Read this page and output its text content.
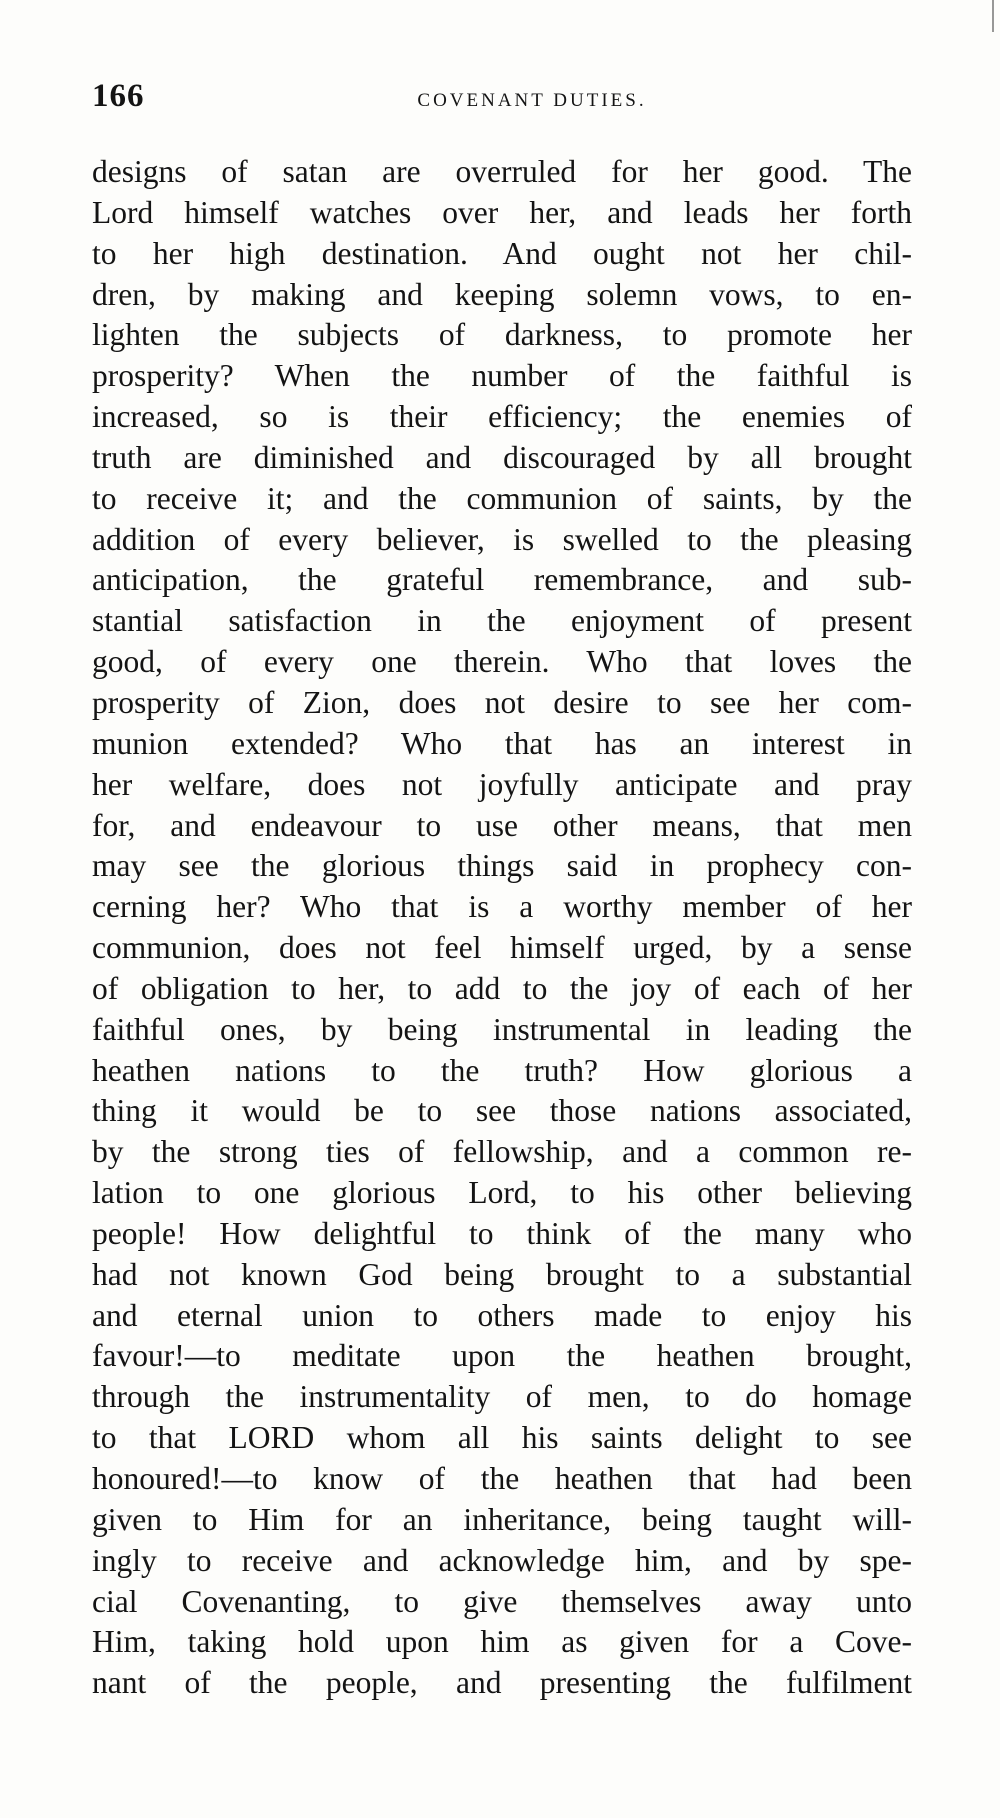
166	COVENANT DUTIES.
designs of satan are overruled for her good. The
Lord himself watches over her, and leads her forth
to her high destination. And ought not her chil-
dren, by making and keeping solemn vows, to en-
lighten the subjects of darkness, to promote her
prosperity? When the number of the faithful is
increased, so is their efficiency; the enemies of
truth are diminished and discouraged by all brought
to receive it; and the communion of saints, by the
addition of every believer, is swelled to the pleasing
anticipation, the grateful remembrance, and sub-
stantial satisfaction in the enjoyment of present
good, of every one therein. Who that loves the
prosperity of Zion, does not desire to see her com-
munion extended? Who that has an interest in
her welfare, does not joyfully anticipate and pray
for, and endeavour to use other means, that men
may see the glorious things said in prophecy con-
cerning her? Who that is a worthy member of her
communion, does not feel himself urged, by a sense
of obligation to her, to add to the joy of each of her
faithful ones, by being instrumental in leading the
heathen nations to the truth? How glorious a
thing it would be to see those nations associated,
by the strong ties of fellowship, and a common re-
lation to one glorious Lord, to his other believing
people! How delightful to think of the many who
had not known God being brought to a substantial
and eternal union to others made to enjoy his
favour!—to meditate upon the heathen brought,
through the instrumentality of men, to do homage
to that LORD whom all his saints delight to see
honoured!—to know of the heathen that had been
given to Him for an inheritance, being taught will-
ingly to receive and acknowledge him, and by spe-
cial Covenanting, to give themselves away unto
Him, taking hold upon him as given for a Cove-
nant of the people, and presenting the fulfilment
